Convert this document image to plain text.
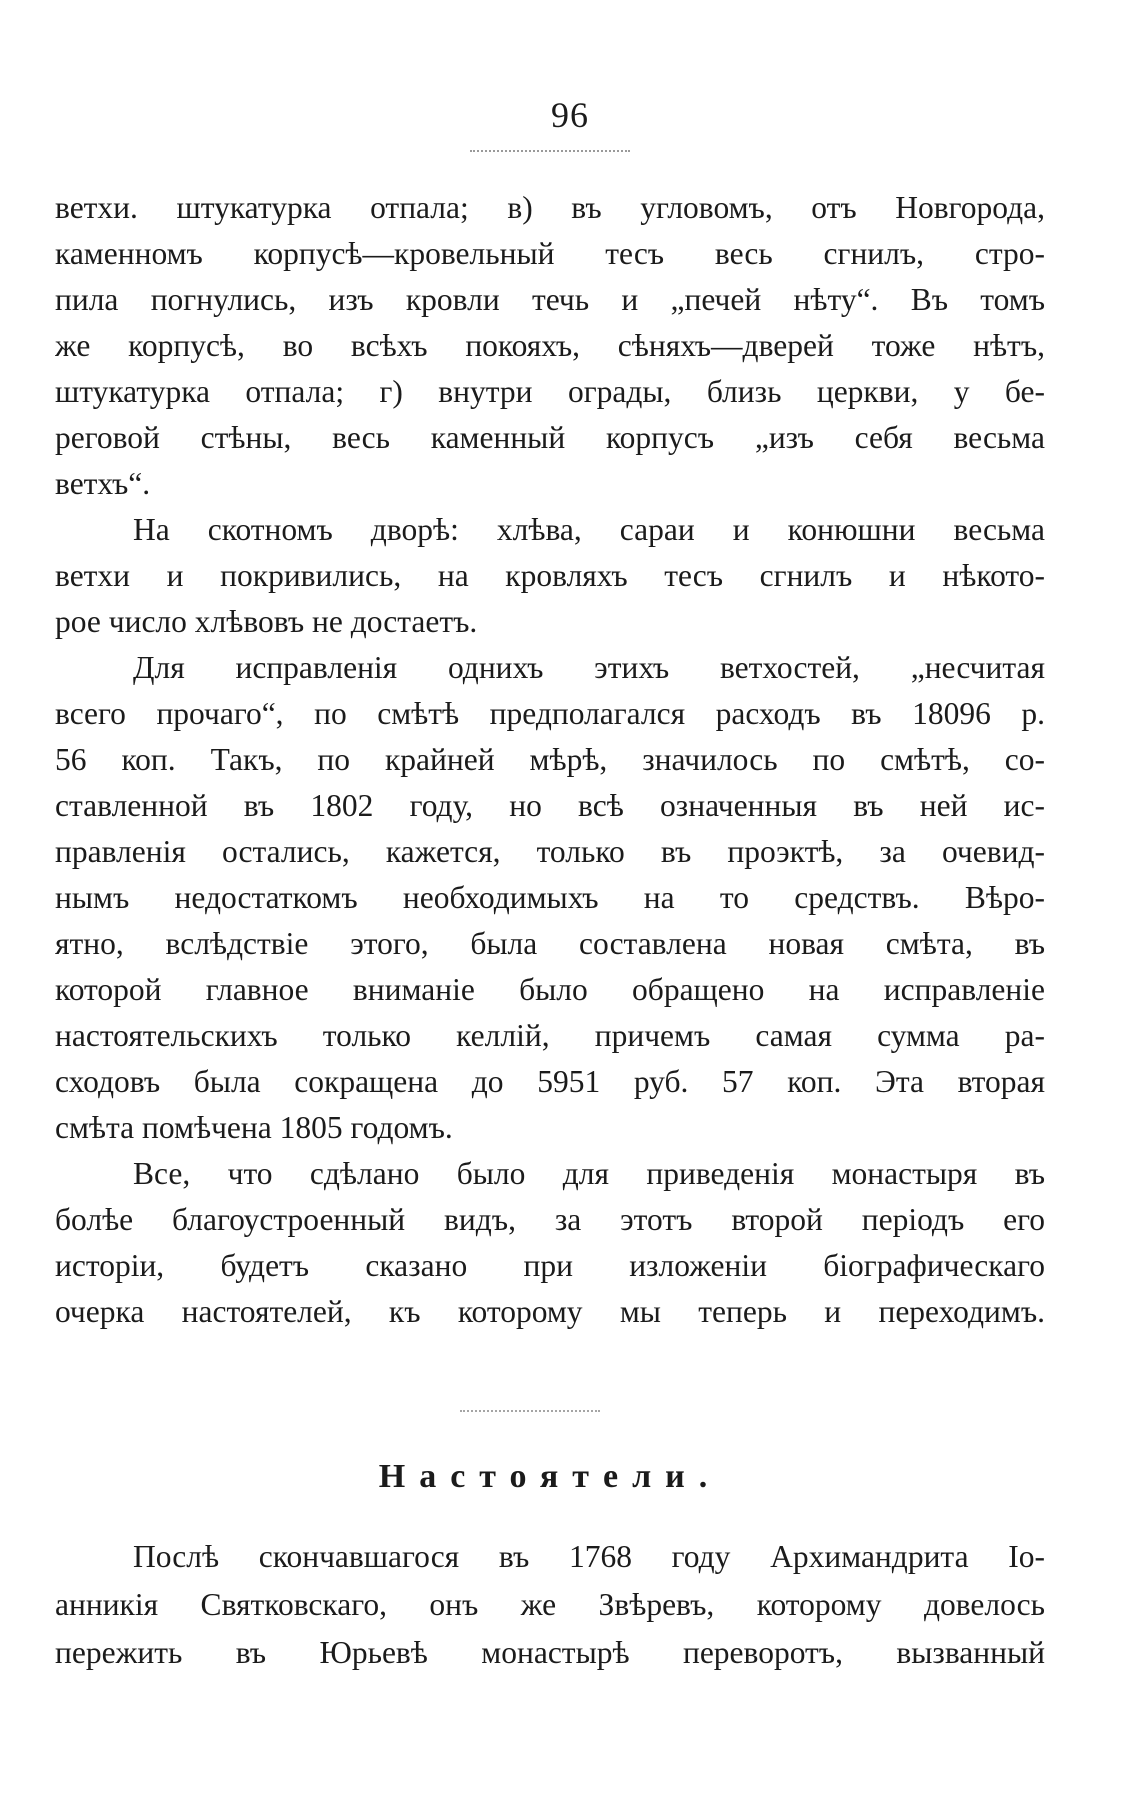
96
ветхи. штукатурка отпала; в) въ угловомъ, отъ Новгорода,
каменномъ корпусѣ—кровельный тесъ весь сгнилъ, стро-
пила погнулись, изъ кровли течь и „печей нѣту“. Въ томъ
же корпусѣ, во всѣхъ покояхъ, сѣняхъ—дверей тоже нѣтъ,
штукатурка отпала; г) внутри ограды, близь церкви, у бе-
реговой стѣны, весь каменный корпусъ „изъ себя весьма
ветхъ“.
На скотномъ дворѣ: хлѣва, сараи и конюшни весьма
ветхи и покривились, на кровляхъ тесъ сгнилъ и нѣкото-
рое число хлѣвовъ не достаетъ.
Для исправленія однихъ этихъ ветхостей, „несчитая
всего прочаго“, по смѣтѣ предполагался расходъ въ 18096 р.
56 коп. Такъ, по крайней мѣрѣ, значилось по смѣтѣ, со-
ставленной въ 1802 году, но всѣ означенныя въ ней ис-
правленія остались, кажется, только въ проэктѣ, за очевид-
нымъ недостаткомъ необходимыхъ на то средствъ. Вѣро-
ятно, вслѣдствіе этого, была составлена новая смѣта, въ
которой главное вниманіе было обращено на исправленіе
настоятельскихъ только келлій, причемъ самая сумма ра-
сходовъ была сокращена до 5951 руб. 57 коп. Эта вторая
смѣта помѣчена 1805 годомъ.
Все, что сдѣлано было для приведенія монастыря въ
болѣе благоустроенный видъ, за этотъ второй періодъ его
исторіи, будетъ сказано при изложеніи біографическаго
очерка настоятелей, къ которому мы теперь и переходимъ.
Настоятели.
Послѣ скончавшагося въ 1768 году Архимандрита Іо-
анникія Святковскаго, онъ же Звѣревъ, которому довелось
пережить въ Юрьевѣ монастырѣ переворотъ, вызванный
